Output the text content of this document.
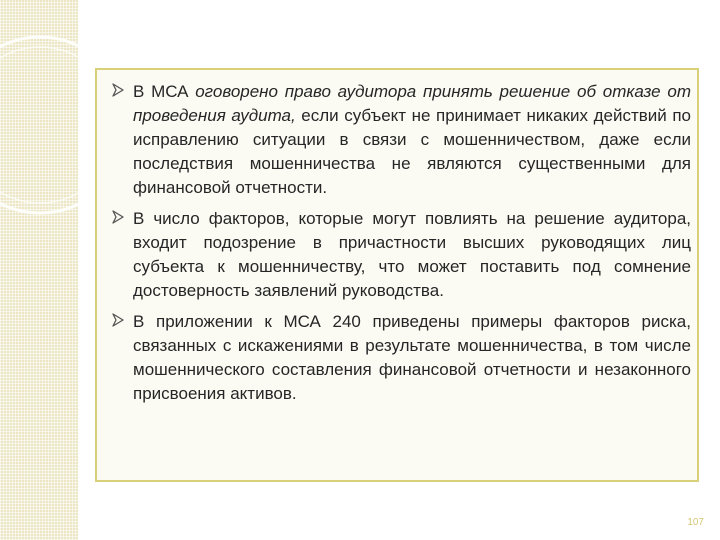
В МСА оговорено право аудитора принять решение об отказе от проведения аудита, если субъект не принимает никаких действий по исправлению ситуации в связи с мошенничеством, даже если последствия мошенничества не являются существенными для финансовой отчетности.
В число факторов, которые могут повлиять на решение аудитора, входит подозрение в причастности высших руководящих лиц субъекта к мошенничеству, что может поставить под сомнение достоверность заявлений руководства.
В приложении к МСА 240 приведены примеры факторов риска, связанных с искажениями в результате мошенничества, в том числе мошеннического составления финансовой отчетности и незаконного присвоения активов.
107
